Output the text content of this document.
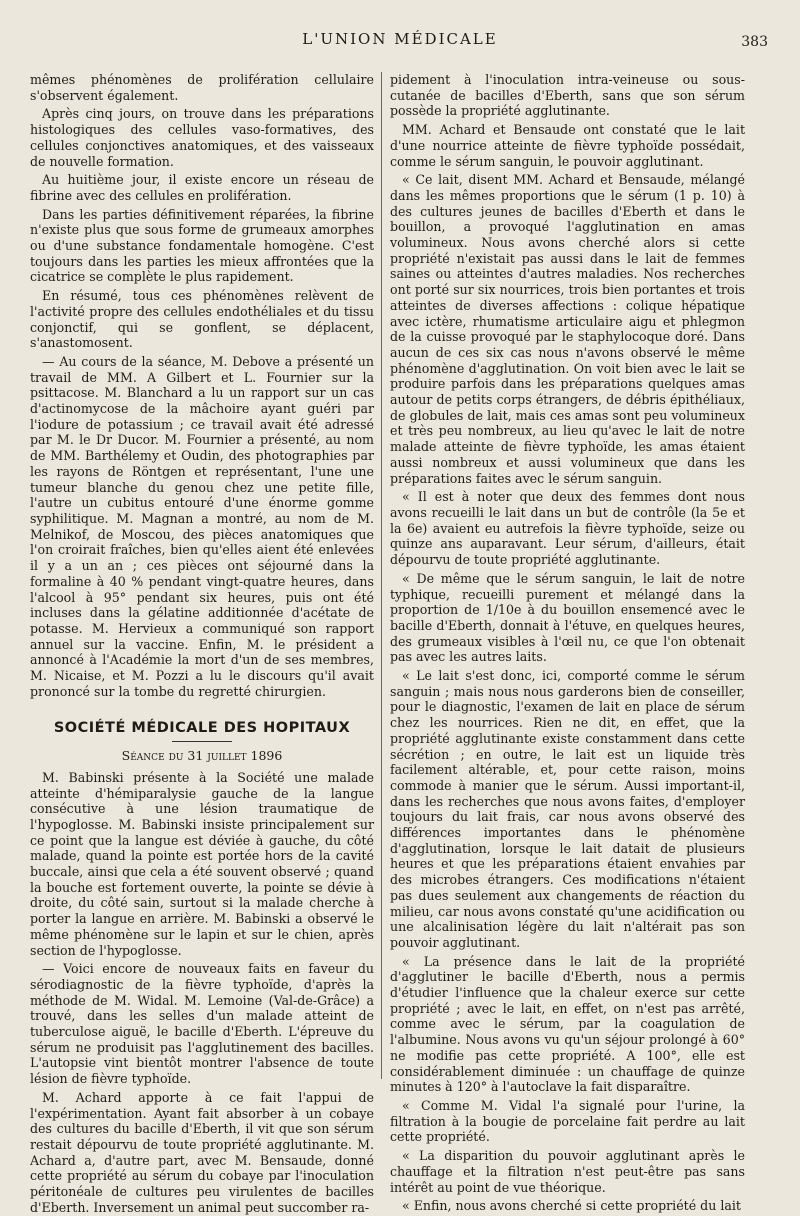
L'UNION MÉDICALE	383

mêmes phénomènes de prolifération cellulaire s'observent également.

Après cinq jours, on trouve dans les préparations histologiques des cellules vaso-formatives, des cellules conjonctives anatomiques, et des vaisseaux de nouvelle formation.

Au huitième jour, il existe encore un réseau de fibrine avec des cellules en prolifération.

Dans les parties définitivement réparées, la fibrine n'existe plus que sous forme de grumeaux amorphes ou d'une substance fondamentale homogène. C'est toujours dans les parties les mieux affrontées que la cicatrice se complète le plus rapidement.

En résumé, tous ces phénomènes relèvent de l'activité propre des cellules endothéliales et du tissu conjonctif, qui se gonflent, se déplacent, s'anastomosent.

— Au cours de la séance, M. Debove a présenté un travail de MM. A Gilbert et L. Fournier sur la psittacose. M. Blanchard a lu un rapport sur un cas d'actinomycose de la mâchoire ayant guéri par l'iodure de potassium ; ce travail avait été adressé par M. le Dr Ducor. M. Fournier a présenté, au nom de MM. Barthélemy et Oudin, des photographies par les rayons de Röntgen et représentant, l'une une tumeur blanche du genou chez une petite fille, l'autre un cubitus entouré d'une énorme gomme syphilitique. M. Magnan a montré, au nom de M. Melnikof, de Moscou, des pièces anatomiques que l'on croirait fraîches, bien qu'elles aient été enlevées il y a un an ; ces pièces ont séjourné dans la formaline à 40 % pendant vingt-quatre heures, dans l'alcool à 95° pendant six heures, puis ont été incluses dans la gélatine additionnée d'acétate de potasse. M. Hervieux a communiqué son rapport annuel sur la vaccine. Enfin, M. le président a annoncé à l'Académie la mort d'un de ses membres, M. Nicaise, et M. Pozzi a lu le discours qu'il avait prononcé sur la tombe du regretté chirurgien.

SOCIÉTÉ MÉDICALE DES HOPITAUX
Séance du 31 juillet 1896

M. Babinski présente à la Société une malade atteinte d'hémiparalysie gauche de la langue consécutive à une lésion traumatique de l'hypoglosse. M. Babinski insiste principalement sur ce point que la langue est déviée à gauche, du côté malade, quand la pointe est portée hors de la cavité buccale, ainsi que cela a été souvent observé ; quand la bouche est fortement ouverte, la pointe se dévie à droite, du côté sain, surtout si la malade cherche à porter la langue en arrière. M. Babinski a observé le même phénomène sur le lapin et sur le chien, après section de l'hypoglosse.

— Voici encore de nouveaux faits en faveur du sérodiagnostic de la fièvre typhoïde, d'après la méthode de M. Widal. M. Lemoine (Val-de-Grâce) a trouvé, dans les selles d'un malade atteint de tuberculose aiguë, le bacille d'Eberth. L'épreuve du sérum ne produisit pas l'agglutinement des bacilles. L'autopsie vint bientôt montrer l'absence de toute lésion de fièvre typhoïde.

M. Achard apporte à ce fait l'appui de l'expérimentation. Ayant fait absorber à un cobaye des cultures du bacille d'Eberth, il vit que son sérum restait dépourvu de toute propriété agglutinante. M. Achard a, d'autre part, avec M. Bensaude, donné cette propriété au sérum du cobaye par l'inoculation péritonéale de cultures peu virulentes de bacilles d'Eberth. Inversement un animal peut succomber ra-

pidement à l'inoculation intra-veineuse ou sous-cutanée de bacilles d'Eberth, sans que son sérum possède la propriété agglutinante.

MM. Achard et Bensaude ont constaté que le lait d'une nourrice atteinte de fièvre typhoïde possédait, comme le sérum sanguin, le pouvoir agglutinant.

« Ce lait, disent MM. Achard et Bensaude, mélangé dans les mêmes proportions que le sérum (1 p. 10) à des cultures jeunes de bacilles d'Eberth et dans le bouillon, a provoqué l'agglutination en amas volumineux. Nous avons cherché alors si cette propriété n'existait pas aussi dans le lait de femmes saines ou atteintes d'autres maladies. Nos recherches ont porté sur six nourrices, trois bien portantes et trois atteintes de diverses affections : colique hépatique avec ictère, rhumatisme articulaire aigu et phlegmon de la cuisse provoqué par le staphylocoque doré. Dans aucun de ces six cas nous n'avons observé le même phénomène d'agglutination. On voit bien avec le lait se produire parfois dans les préparations quelques amas autour de petits corps étrangers, de débris épithéliaux, de globules de lait, mais ces amas sont peu volumineux et très peu nombreux, au lieu qu'avec le lait de notre malade atteinte de fièvre typhoïde, les amas étaient aussi nombreux et aussi volumineux que dans les préparations faites avec le sérum sanguin.

« Il est à noter que deux des femmes dont nous avons recueilli le lait dans un but de contrôle (la 5e et la 6e) avaient eu autrefois la fièvre typhoïde, seize ou quinze ans auparavant. Leur sérum, d'ailleurs, était dépourvu de toute propriété agglutinante.

« De même que le sérum sanguin, le lait de notre typhique, recueilli purement et mélangé dans la proportion de 1/10e à du bouillon ensemencé avec le bacille d'Eberth, donnait à l'étuve, en quelques heures, des grumeaux visibles à l'œil nu, ce que l'on obtenait pas avec les autres laits.

« Le lait s'est donc, ici, comporté comme le sérum sanguin ; mais nous nous garderons bien de conseiller, pour le diagnostic, l'examen de lait en place de sérum chez les nourrices. Rien ne dit, en effet, que la propriété agglutinante existe constamment dans cette sécrétion ; en outre, le lait est un liquide très facilement altérable, et, pour cette raison, moins commode à manier que le sérum. Aussi important-il, dans les recherches que nous avons faites, d'employer toujours du lait frais, car nous avons observé des différences importantes dans le phénomène d'agglutination, lorsque le lait datait de plusieurs heures et que les préparations étaient envahies par des microbes étrangers. Ces modifications n'étaient pas dues seulement aux changements de réaction du milieu, car nous avons constaté qu'une acidification ou une alcalinisation légère du lait n'altérait pas son pouvoir agglutinant.

« La présence dans le lait de la propriété d'agglutiner le bacille d'Eberth, nous a permis d'étudier l'influence que la chaleur exerce sur cette propriété ; avec le lait, en effet, on n'est pas arrêté, comme avec le sérum, par la coagulation de l'albumine. Nous avons vu qu'un séjour prolongé à 60° ne modifie pas cette propriété. A 100°, elle est considérablement diminuée : un chauffage de quinze minutes à 120° à l'autoclave la fait disparaître.

« Comme M. Vidal l'a signalé pour l'urine, la filtration à la bougie de porcelaine fait perdre au lait cette propriété.

« La disparition du pouvoir agglutinant après le chauffage et la filtration n'est peut-être pas sans intérêt au point de vue théorique.

« Enfin, nous avons cherché si cette propriété du lait
